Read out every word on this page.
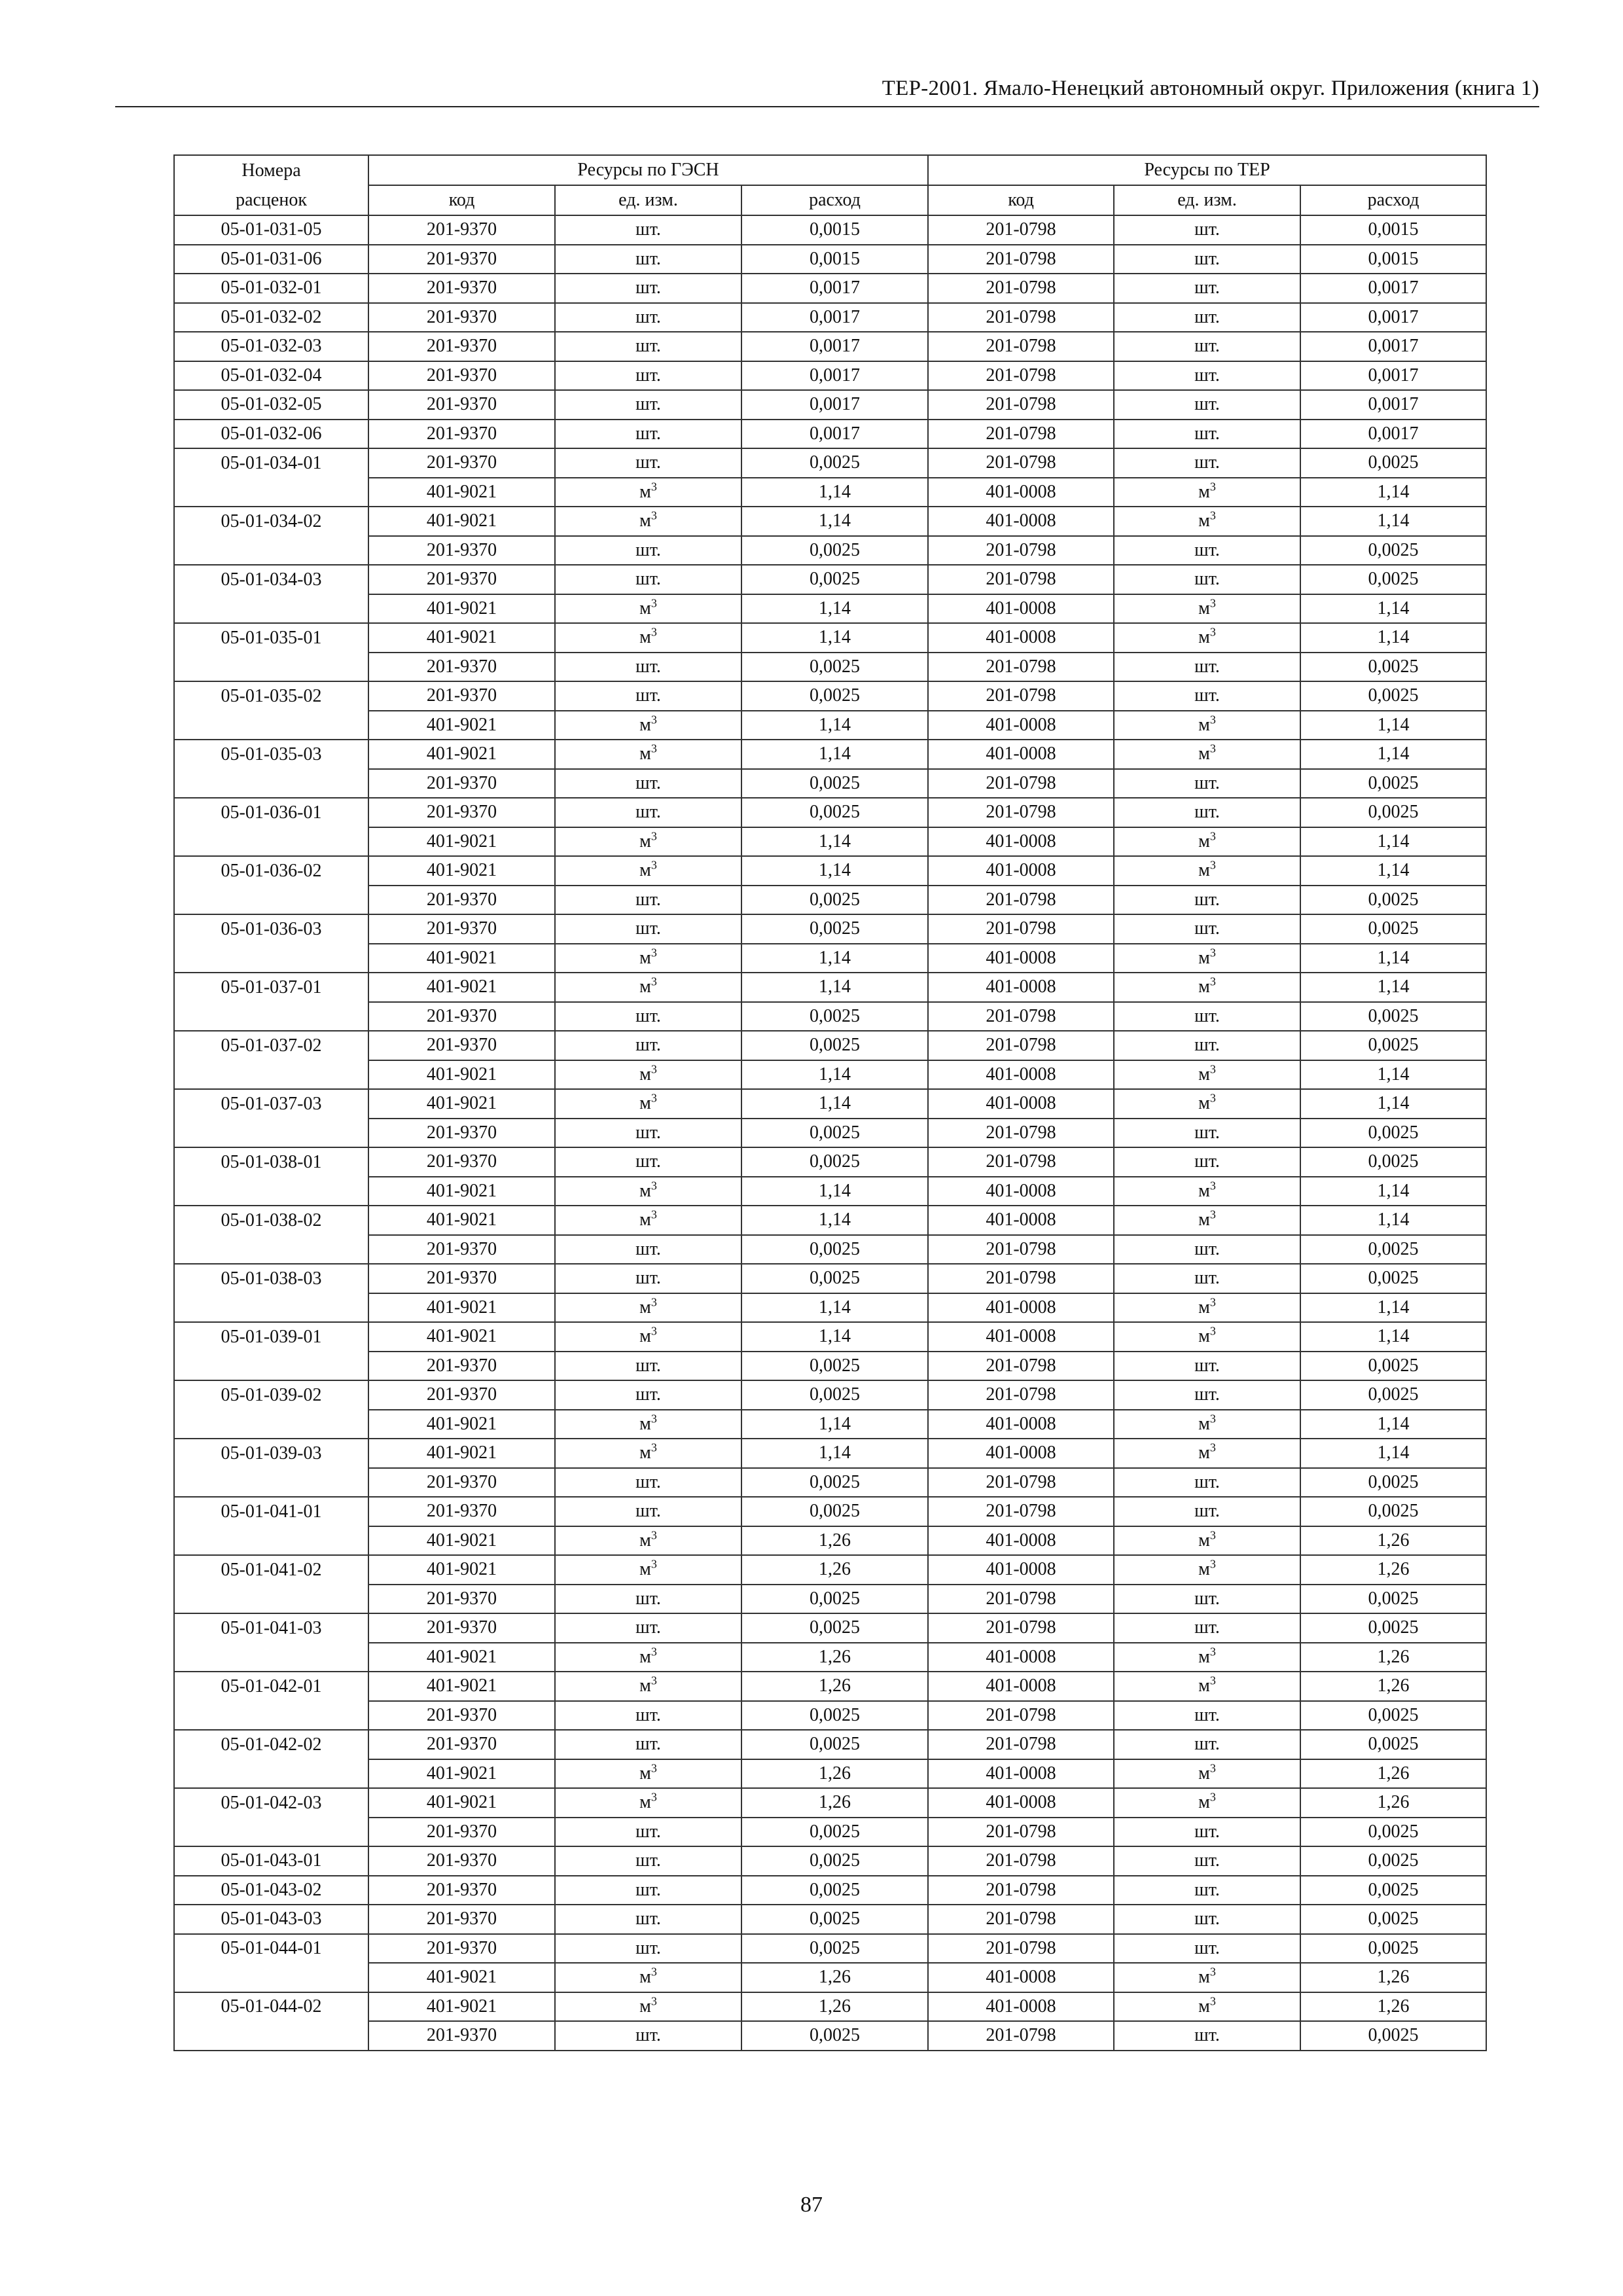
ТЕР-2001. Ямало-Ненецкий автономный округ. Приложения (книга 1)
Номера	Ресурсы по ГЭСН			Ресурсы по ТЕР		
расценок	код	ед. изм.	расход	код	ед. изм.	расход
05-01-031-05	201-9370	шт.	0,0015	201-0798	шт.	0,0015
05-01-031-06	201-9370	шт.	0,0015	201-0798	шт.	0,0015
05-01-032-01	201-9370	шт.	0,0017	201-0798	шт.	0,0017
05-01-032-02	201-9370	шт.	0,0017	201-0798	шт.	0,0017
05-01-032-03	201-9370	шт.	0,0017	201-0798	шт.	0,0017
05-01-032-04	201-9370	шт.	0,0017	201-0798	шт.	0,0017
05-01-032-05	201-9370	шт.	0,0017	201-0798	шт.	0,0017
05-01-032-06	201-9370	шт.	0,0017	201-0798	шт.	0,0017
05-01-034-01	201-9370	шт.	0,0025	201-0798	шт.	0,0025
	401-9021	$м^3$	1,14	401-0008	$м^3$	1,14
05-01-034-02	401-9021	$м^3$	1,14	401-0008	$м^3$	1,14
	201-9370	шт.	0,0025	201-0798	шт.	0,0025
05-01-034-03	201-9370	шт.	0,0025	201-0798	шт.	0,0025
	401-9021	$м^3$	1,14	401-0008	$м^3$	1,14
05-01-035-01	401-9021	$м^3$	1,14	401-0008	$м^3$	1,14
	201-9370	шт.	0,0025	201-0798	шт.	0,0025
05-01-035-02	201-9370	шт.	0,0025	201-0798	шт.	0,0025
	401-9021	$м^3$	1,14	401-0008	$м^3$	1,14
05-01-035-03	401-9021	$м^3$	1,14	401-0008	$м^3$	1,14
	201-9370	шт.	0,0025	201-0798	шт.	0,0025
05-01-036-01	201-9370	шт.	0,0025	201-0798	шт.	0,0025
	401-9021	$м^3$	1,14	401-0008	$м^3$	1,14
05-01-036-02	401-9021	$м^3$	1,14	401-0008	$м^3$	1,14
	201-9370	шт.	0,0025	201-0798	шт.	0,0025
05-01-036-03	201-9370	шт.	0,0025	201-0798	шт.	0,0025
	401-9021	$м^3$	1,14	401-0008	$м^3$	1,14
05-01-037-01	401-9021	$м^3$	1,14	401-0008	$м^3$	1,14
	201-9370	шт.	0,0025	201-0798	шт.	0,0025
05-01-037-02	201-9370	шт.	0,0025	201-0798	шт.	0,0025
	401-9021	$м^3$	1,14	401-0008	$м^3$	1,14
05-01-037-03	401-9021	$м^3$	1,14	401-0008	$м^3$	1,14
	201-9370	шт.	0,0025	201-0798	шт.	0,0025
05-01-038-01	201-9370	шт.	0,0025	201-0798	шт.	0,0025
	401-9021	$м^3$	1,14	401-0008	$м^3$	1,14
05-01-038-02	401-9021	$м^3$	1,14	401-0008	$м^3$	1,14
	201-9370	шт.	0,0025	201-0798	шт.	0,0025
05-01-038-03	201-9370	шт.	0,0025	201-0798	шт.	0,0025
	401-9021	$м^3$	1,14	401-0008	$м^3$	1,14
05-01-039-01	401-9021	$м^3$	1,14	401-0008	$м^3$	1,14
	201-9370	шт.	0,0025	201-0798	шт.	0,0025
05-01-039-02	201-9370	шт.	0,0025	201-0798	шт.	0,0025
	401-9021	$м^3$	1,14	401-0008	$м^3$	1,14
05-01-039-03	401-9021	$м^3$	1,14	401-0008	$м^3$	1,14
	201-9370	шт.	0,0025	201-0798	шт.	0,0025
05-01-041-01	201-9370	шт.	0,0025	201-0798	шт.	0,0025
	401-9021	$м^3$	1,26	401-0008	$м^3$	1,26
05-01-041-02	401-9021	$м^3$	1,26	401-0008	$м^3$	1,26
	201-9370	шт.	0,0025	201-0798	шт.	0,0025
05-01-041-03	201-9370	шт.	0,0025	201-0798	шт.	0,0025
	401-9021	$м^3$	1,26	401-0008	$м^3$	1,26
05-01-042-01	401-9021	$м^3$	1,26	401-0008	$м^3$	1,26
	201-9370	шт.	0,0025	201-0798	шт.	0,0025
05-01-042-02	201-9370	шт.	0,0025	201-0798	шт.	0,0025
	401-9021	$м^3$	1,26	401-0008	$м^3$	1,26
05-01-042-03	401-9021	$м^3$	1,26	401-0008	$м^3$	1,26
	201-9370	шт.	0,0025	201-0798	шт.	0,0025
05-01-043-01	201-9370	шт.	0,0025	201-0798	шт.	0,0025
05-01-043-02	201-9370	шт.	0,0025	201-0798	шт.	0,0025
05-01-043-03	201-9370	шт.	0,0025	201-0798	шт.	0,0025
05-01-044-01	201-9370	шт.	0,0025	201-0798	шт.	0,0025
	401-9021	$м^3$	1,26	401-0008	$м^3$	1,26
05-01-044-02	401-9021	$м^3$	1,26	401-0008	$м^3$	1,26
	201-9370	шт.	0,0025	201-0798	шт.	0,0025
87
